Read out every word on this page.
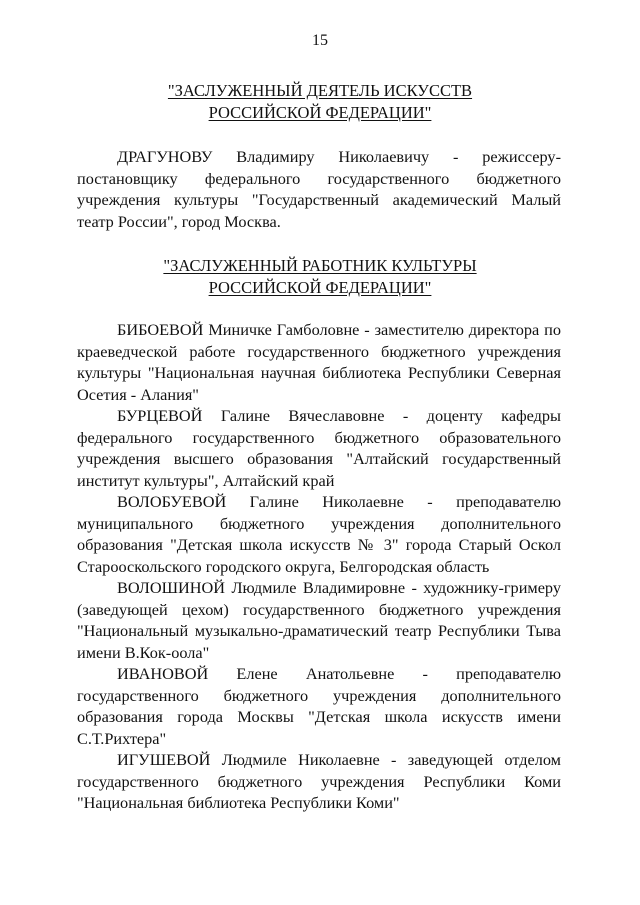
15
"ЗАСЛУЖЕННЫЙ ДЕЯТЕЛЬ ИСКУССТВ
РОССИЙСКОЙ ФЕДЕРАЦИИ"

ДРАГУНОВУ Владимиру Николаевичу - режиссеру-постановщику федерального государственного бюджетного учреждения культуры "Государственный академический Малый театр России", город Москва.

"ЗАСЛУЖЕННЫЙ РАБОТНИК КУЛЬТУРЫ
РОССИЙСКОЙ ФЕДЕРАЦИИ"

БИБОЕВОЙ Миничке Гамболовне - заместителю директора по краеведческой работе государственного бюджетного учреждения культуры "Национальная научная библиотека Республики Северная Осетия - Алания"

БУРЦЕВОЙ Галине Вячеславовне - доценту кафедры федерального государственного бюджетного образовательного учреждения высшего образования "Алтайский государственный институт культуры", Алтайский край

ВОЛОБУЕВОЙ Галине Николаевне - преподавателю муниципального бюджетного учреждения дополнительного образования "Детская школа искусств № 3" города Старый Оскол Старооскольского городского округа, Белгородская область

ВОЛОШИНОЙ Людмиле Владимировне - художнику-гримеру (заведующей цехом) государственного бюджетного учреждения "Национальный музыкально-драматический театр Республики Тыва имени В.Кок-оола"

ИВАНОВОЙ Елене Анатольевне - преподавателю государственного бюджетного учреждения дополнительного образования города Москвы "Детская школа искусств имени С.Т.Рихтера"

ИГУШЕВОЙ Людмиле Николаевне - заведующей отделом государственного бюджетного учреждения Республики Коми "Национальная библиотека Республики Коми"
